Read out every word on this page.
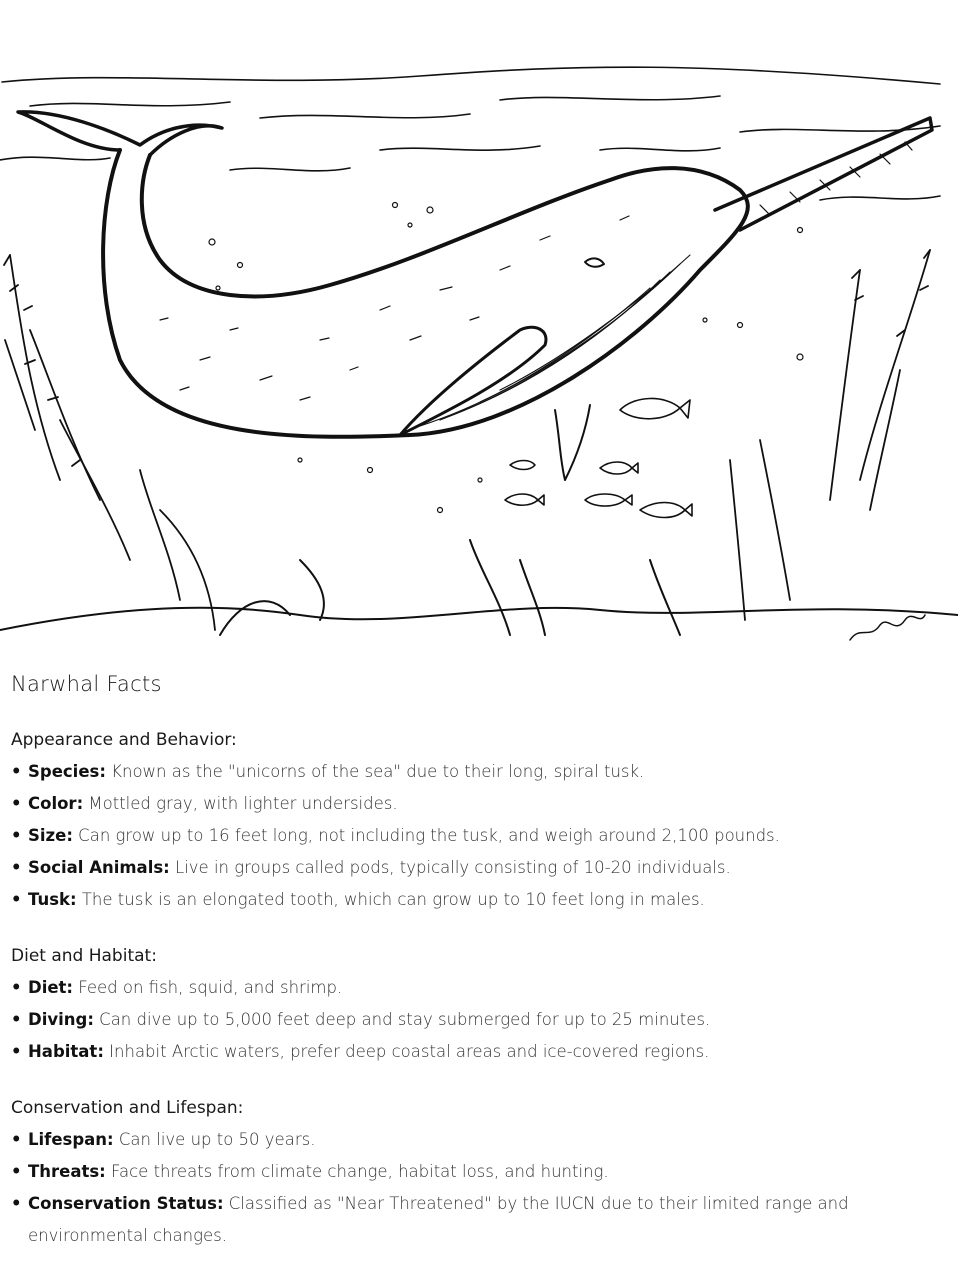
Narwhal Facts
Appearance and Behavior:
• Species: Known as the "unicorns of the sea" due to their long, spiral tusk.
• Color: Mottled gray, with lighter undersides.
• Size: Can grow up to 16 feet long, not including the tusk, and weigh around 2,100 pounds.
• Social Animals: Live in groups called pods, typically consisting of 10-20 individuals.
• Tusk: The tusk is an elongated tooth, which can grow up to 10 feet long in males.
Diet and Habitat:
• Diet: Feed on fish, squid, and shrimp.
• Diving: Can dive up to 5,000 feet deep and stay submerged for up to 25 minutes.
• Habitat: Inhabit Arctic waters, prefer deep coastal areas and ice-covered regions.
Conservation and Lifespan:
• Lifespan: Can live up to 50 years.
• Threats: Face threats from climate change, habitat loss, and hunting.
• Conservation Status: Classified as "Near Threatened" by the IUCN due to their limited range and environmental changes.
